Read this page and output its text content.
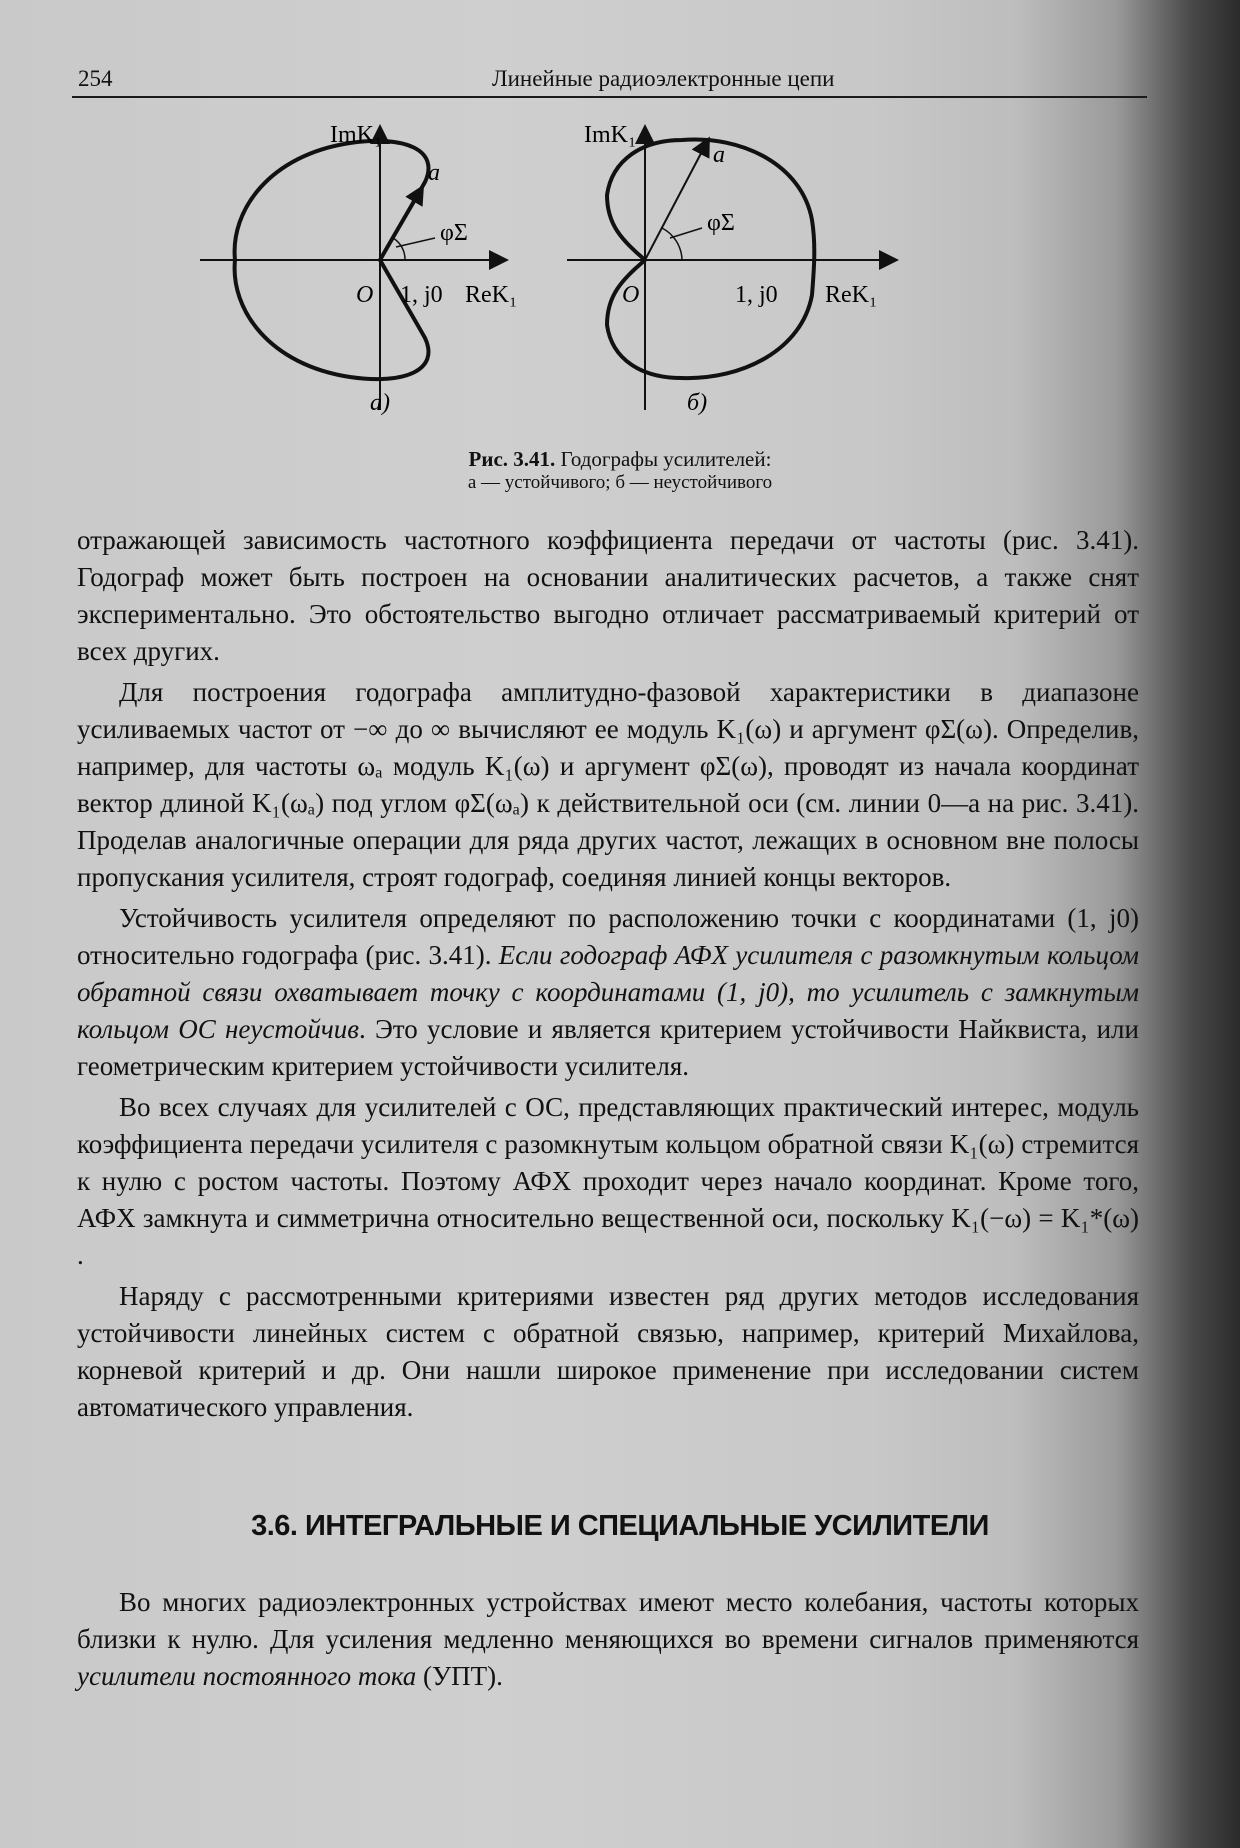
254	Линейные радиоэлектронные цепи
ImK₁
ReK₁
O 1, j0
a
φΣ
а)
ImK₁
ReK₁
O	1, j0
a
φΣ
б)
Рис. 3.41. Годографы усилителей:
а — устойчивого; б — неустойчивого

отражающей зависимость частотного коэффициента передачи от частоты (рис. 3.41). Годограф может быть построен на основании аналитических расчетов, а также снят экспериментально. Это обстоятельство выгодно отличает рассматриваемый критерий от всех других.

Для построения годографа амплитудно-фазовой характеристики в диапазоне усиливаемых частот от −∞ до ∞ вычисляют ее модуль K₁(ω) и аргумент φΣ(ω). Определив, например, для частоты ωₐ модуль K₁(ω) и аргумент φΣ(ω), проводят из начала координат вектор длиной K₁(ωₐ) под углом φΣ(ωₐ) к действительной оси (см. линии 0—а на рис. 3.41). Проделав аналогичные операции для ряда других частот, лежащих в основном вне полосы пропускания усилителя, строят годограф, соединяя линией концы векторов.

Устойчивость усилителя определяют по расположению точки с координатами (1, j0) относительно годографа (рис. 3.41). Если годограф АФХ усилителя с разомкнутым кольцом обратной связи охватывает точку с координатами (1, j0), то усилитель с замкнутым кольцом ОС неустойчив. Это условие и является критерием устойчивости Найквиста, или геометрическим критерием устойчивости усилителя.

Во всех случаях для усилителей с ОС, представляющих практический интерес, модуль коэффициента передачи усилителя с разомкнутым кольцом обратной связи K₁(ω) стремится к нулю с ростом частоты. Поэтому АФХ проходит через начало координат. Кроме того, АФХ замкнута и симметрична относительно вещественной оси, поскольку K₁(−ω) = K₁*(ω) .

Наряду с рассмотренными критериями известен ряд других методов исследования устойчивости линейных систем с обратной связью, например, критерий Михайлова, корневой критерий и др. Они нашли широкое применение при исследовании систем автоматического управления.

3.6. ИНТЕГРАЛЬНЫЕ И СПЕЦИАЛЬНЫЕ УСИЛИТЕЛИ

Во многих радиоэлектронных устройствах имеют место колебания, частоты которых близки к нулю. Для усиления медленно меняющихся во времени сигналов применяются усилители постоянного тока (УПТ).
